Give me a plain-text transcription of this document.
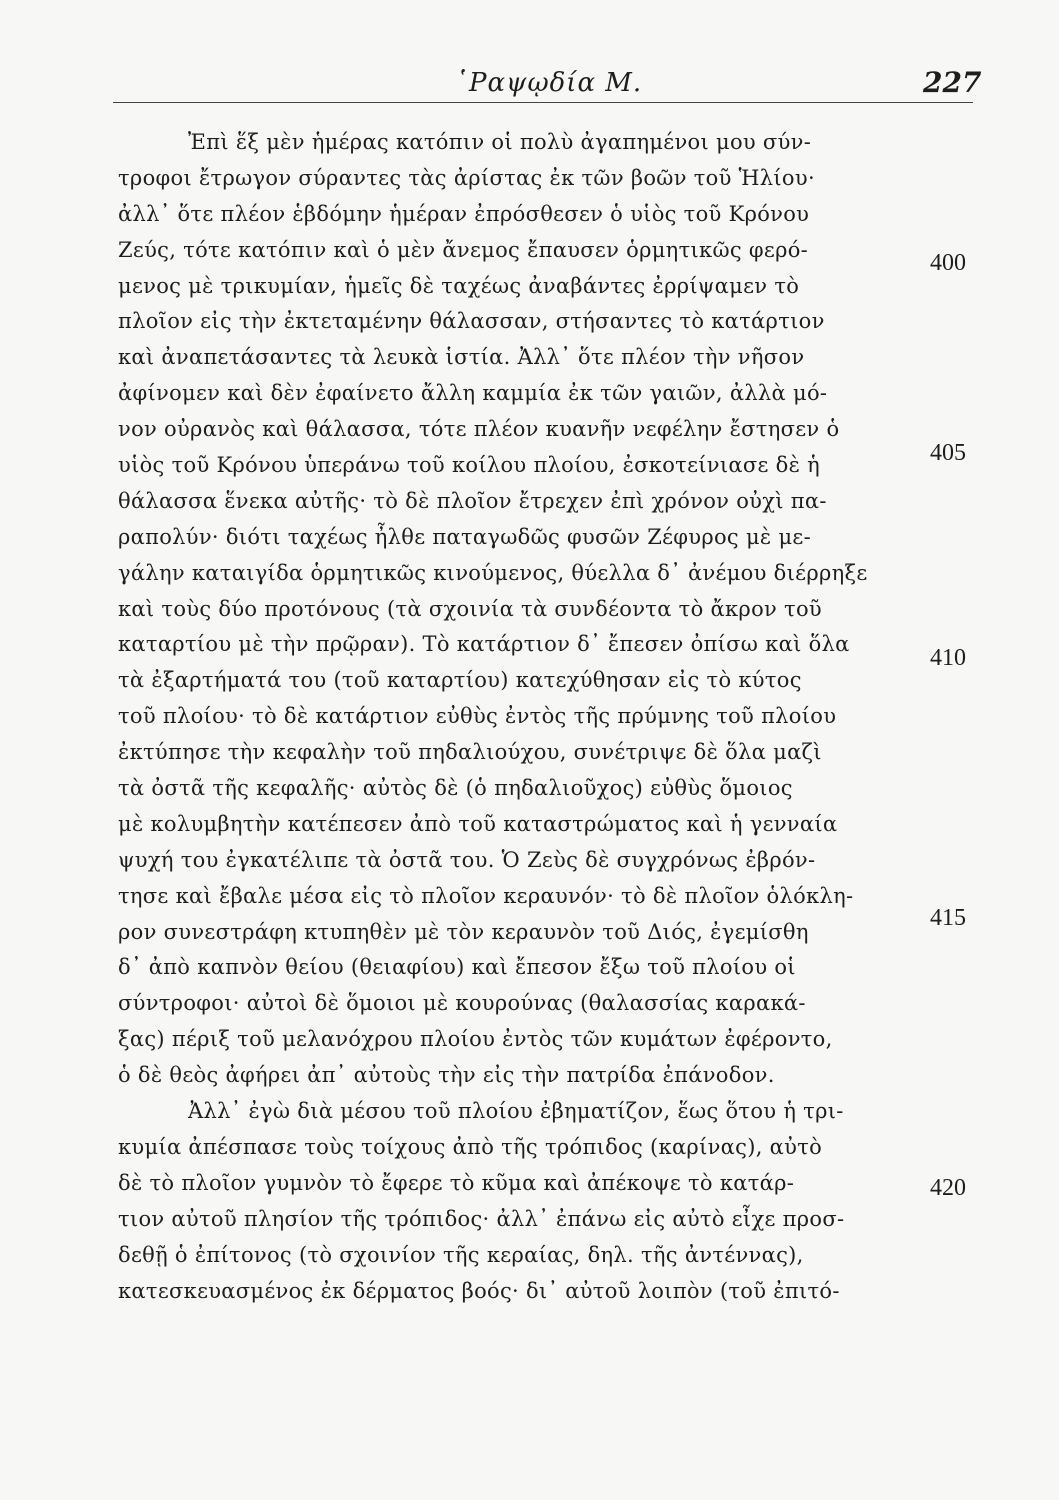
῾Ραψῳδία Μ.	227
Ἐπὶ ἕξ μὲν ἡμέρας κατόπιν οἱ πολὺ ἀγαπημένοι μου σύν-
τροφοι ἔτρωγον σύραντες τὰς ἀρίστας ἐκ τῶν βοῶν τοῦ Ἡλίου·
ἀλλ᾽ ὅτε πλέον ἑβδόμην ἡμέραν ἐπρόσθεσεν ὁ υἱὸς τοῦ Κρόνου
Ζεύς, τότε κατόπιν καὶ ὁ μὲν ἄνεμος ἔπαυσεν ὁρμητικῶς φερό-
μενος μὲ τρικυμίαν, ἡμεῖς δὲ ταχέως ἀναβάντες ἐρρίψαμεν τὸ
πλοῖον εἰς τὴν ἐκτεταμένην θάλασσαν, στήσαντες τὸ κατάρτιον
καὶ ἀναπετάσαντες τὰ λευκὰ ἱστία. Ἀλλ᾽ ὅτε πλέον τὴν νῆσον
ἀφίνομεν καὶ δὲν ἐφαίνετο ἄλλη καμμία ἐκ τῶν γαιῶν, ἀλλὰ μό-
νον οὐρανὸς καὶ θάλασσα, τότε πλέον κυανῆν νεφέλην ἔστησεν ὁ
υἱὸς τοῦ Κρόνου ὑπεράνω τοῦ κοίλου πλοίου, ἐσκοτείνιασε δὲ ἡ
θάλασσα ἕνεκα αὐτῆς· τὸ δὲ πλοῖον ἔτρεχεν ἐπὶ χρόνον οὐχὶ πα-
ραπολύν· διότι ταχέως ἦλθε παταγωδῶς φυσῶν Ζέφυρος μὲ με-
γάλην καταιγίδα ὁρμητικῶς κινούμενος, θύελλα δ᾽ ἀνέμου διέρρηξε
καὶ τοὺς δύο προτόνους (τὰ σχοινία τὰ συνδέοντα τὸ ἄκρον τοῦ
καταρτίου μὲ τὴν πρῷραν). Τὸ κατάρτιον δ᾽ ἔπεσεν ὀπίσω καὶ ὅλα
τὰ ἐξαρτήματά του (τοῦ καταρτίου) κατεχύθησαν εἰς τὸ κύτος
τοῦ πλοίου· τὸ δὲ κατάρτιον εὐθὺς ἐντὸς τῆς πρύμνης τοῦ πλοίου
ἐκτύπησε τὴν κεφαλὴν τοῦ πηδαλιούχου, συνέτριψε δὲ ὅλα μαζὶ
τὰ ὀστᾶ τῆς κεφαλῆς· αὐτὸς δὲ (ὁ πηδαλιοῦχος) εὐθὺς ὅμοιος
μὲ κολυμβητὴν κατέπεσεν ἀπὸ τοῦ καταστρώματος καὶ ἡ γενναία
ψυχή του ἐγκατέλιπε τὰ ὀστᾶ του. Ὁ Ζεὺς δὲ συγχρόνως ἐβρόν-
τησε καὶ ἔβαλε μέσα εἰς τὸ πλοῖον κεραυνόν· τὸ δὲ πλοῖον ὁλόκλη-
ρον συνεστράφη κτυπηθὲν μὲ τὸν κεραυνὸν τοῦ Διός, ἐγεμίσθη
δ᾽ ἀπὸ καπνὸν θείου (θειαφίου) καὶ ἔπεσον ἔξω τοῦ πλοίου οἱ
σύντροφοι· αὐτοὶ δὲ ὅμοιοι μὲ κουρούνας (θαλασσίας καρακά-
ξας) πέριξ τοῦ μελανόχρου πλοίου ἐντὸς τῶν κυμάτων ἐφέροντο,
ὁ δὲ θεὸς ἀφήρει ἀπ᾽ αὐτοὺς τὴν εἰς τὴν πατρίδα ἐπάνοδον.
Ἀλλ᾽ ἐγὼ διὰ μέσου τοῦ πλοίου ἐβηματίζον, ἕως ὅτου ἡ τρι-
κυμία ἀπέσπασε τοὺς τοίχους ἀπὸ τῆς τρόπιδος (καρίνας), αὐτὸ
δὲ τὸ πλοῖον γυμνὸν τὸ ἔφερε τὸ κῦμα καὶ ἀπέκοψε τὸ κατάρ-
τιον αὐτοῦ πλησίον τῆς τρόπιδος· ἀλλ᾽ ἐπάνω εἰς αὐτὸ εἶχε προσ-
δεθῇ ὁ ἐπίτονος (τὸ σχοινίον τῆς κεραίας, δηλ. τῆς ἀντέννας),
κατεσκευασμένος ἐκ δέρματος βοός· δι᾽ αὐτοῦ λοιπὸν (τοῦ ἐπιτό-
400
405
410
415
420
